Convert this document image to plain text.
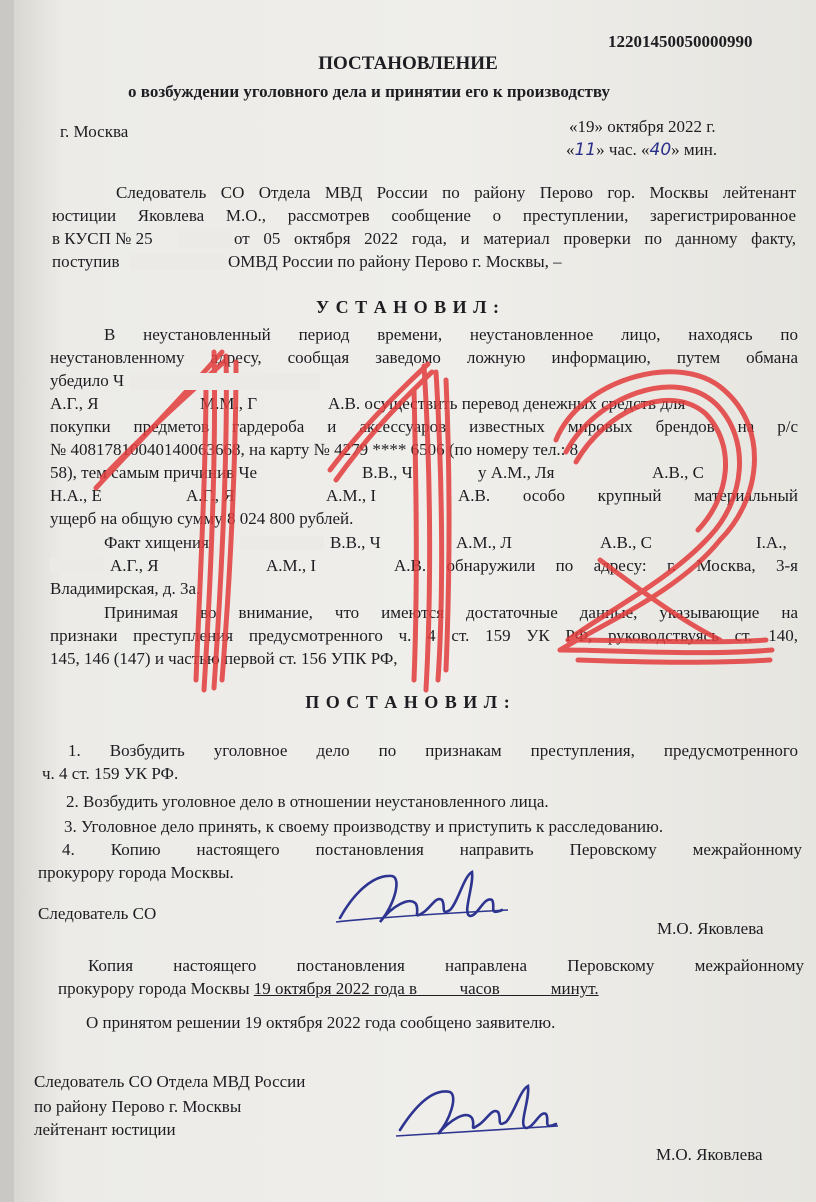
12201450050000990
ПОСТАНОВЛЕНИЕ
о возбуждении уголовного дела и принятии его к производству
г. Москва	«19» октября 2022 г.
«11» час. «40» мин.
Следователь СО Отдела МВД России по району Перово гор. Москвы лейтенант
юстиции Яковлева М.О., рассмотрев сообщение о преступлении, зарегистрированное
в КУСП № 25	от 05 октября 2022 года, и материал проверки по данному факту,
поступив	ОМВД России по району Перово г. Москвы, –
У С Т А Н О В И Л :
В неустановленный период времени, неустановленное лицо, находясь по
неустановленному адресу, сообщая заведомо ложную информацию, путем обмана
убедило Ч
А.Г., Я	М.М., Г	А.В. осуществить перевод денежных средств для
покупки предметов гардероба и аксессуаров известных мировых брендов на р/с
№ 40817810040140063668, на карту № 4279 **** 6506 (по номеру тел.: 8
58), тем самым причинив Че	В.В., Ч	у А.М., Ля	А.В., С
Н.А., Е	А.Г., Я	А.М., I	А.В. особо крупный материальный
ущерб на общую сумму 8 024 800 рублей.
Факт хищения	В.В., Ч	А.М., Л	А.В., С	I.A.,
А.Г., Я	А.М., I	А.В. обнаружили по адресу: г. Москва, 3-я
Владимирская, д. 3а.
Принимая во внимание, что имеются достаточные данные, указывающие на
признаки преступления предусмотренного ч. 4 ст. 159 УК РФ, руководствуясь ст. 140,
145, 146 (147) и частью первой ст. 156 УПК РФ,
П О С Т А Н О В И Л :
1. Возбудить уголовное дело по признакам преступления, предусмотренного
ч. 4 ст. 159 УК РФ.
2. Возбудить уголовное дело в отношении неустановленного лица.
3. Уголовное дело принять, к своему производству и приступить к расследованию.
4. Копию настоящего постановления направить Перовскому межрайонному
прокурору города Москвы.
Следователь СО
М.О. Яковлева
Копия настоящего постановления направлена Перовскому межрайонному
прокурору города Москвы 19 октября 2022 года в	часов	минут.
О принятом решении 19 октября 2022 года сообщено заявителю.
Следователь СО Отдела МВД России
по району Перово г. Москвы
лейтенант юстиции
М.О. Яковлева
